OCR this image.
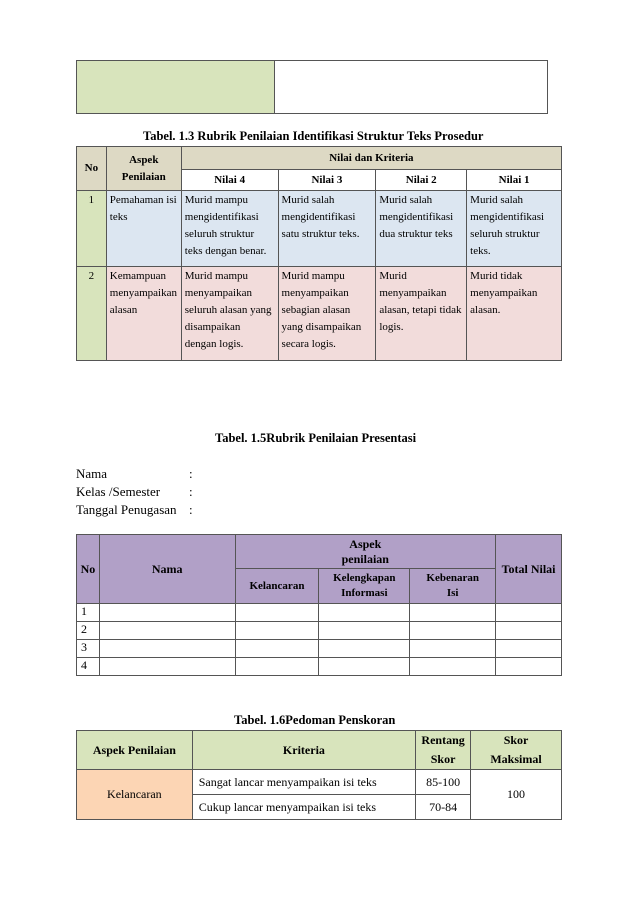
Tabel. 1.3 Rubrik Penilaian Identifikasi Struktur Teks Prosedur
No	Aspek Penilaian	Nilai dan Kriteria			
		Nilai 4	Nilai 3	Nilai 2	Nilai 1
1	Pemahaman isi teks	Murid mampu mengidentifikasi seluruh struktur teks dengan benar.	Murid salah mengidentifikasi satu struktur teks.	Murid salah mengidentifikasi dua struktur teks	Murid salah mengidentifikasi seluruh struktur teks.
2	Kemampuan menyampaikan alasan	Murid mampu menyampaikan seluruh alasan yang disampaikan dengan logis.	Murid mampu menyampaikan sebagian alasan yang disampaikan secara logis.	Murid menyampaikan alasan, tetapi tidak logis.	Murid tidak menyampaikan alasan.
Tabel. 1.5Rubrik Penilaian Presentasi
Nama	:
Kelas /Semester :
Tanggal Penugasan :
No	Nama	Aspek penilaian			Total Nilai
		Kelancaran	Kelengkapan Informasi	Kebenaran Isi	

1					
2					
3					
4					
Tabel. 1.6Pedoman Penskoran
Aspek Penilaian	Kriteria	Rentang Skor	Skor Maksimal

Kelancaran	Sangat lancar menyampaikan isi teks	85-100	100
	Cukup lancar menyampaikan isi teks	70-84	
